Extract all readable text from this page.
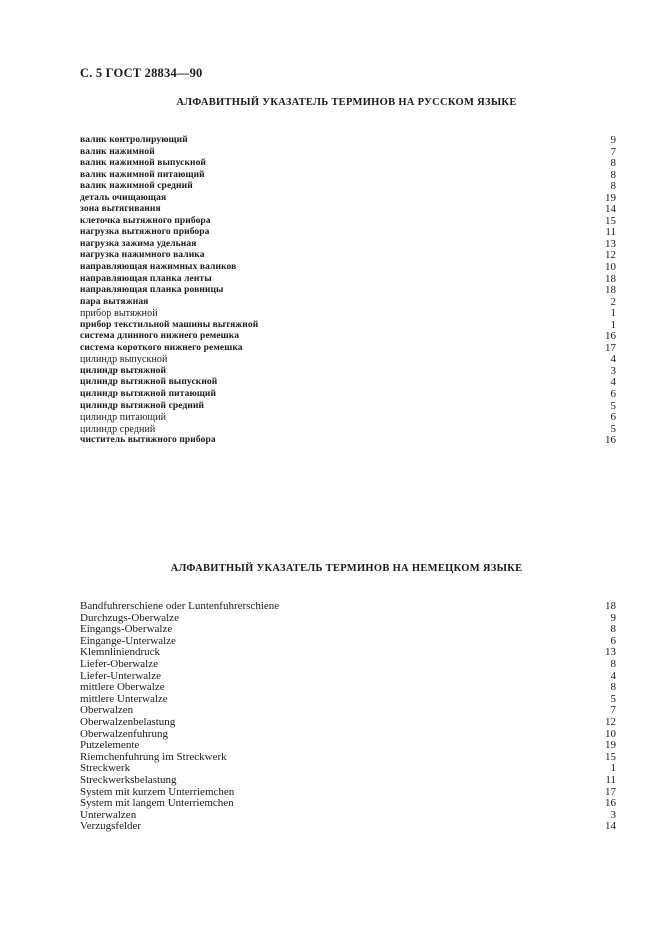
С. 5 ГОСТ 28834—90
АЛФАВИТНЫЙ УКАЗАТЕЛЬ ТЕРМИНОВ НА РУССКОМ ЯЗЫКЕ
валик контролирующий	9
валик нажимной	7
валик нажимной выпускной	8
валик нажимной питающий	8
валик нажимной средний	8
деталь очищающая	19
зона вытягивания	14
клеточка вытяжного прибора	15
нагрузка вытяжного прибора	11
нагрузка зажима удельная	13
нагрузка нажимного валика	12
направляющая нажимных валиков	10
направляющая планка ленты	18
направляющая планка ровницы	18
пара вытяжная	2
прибор вытяжной	1
прибор текстильной машины вытяжной	1
система длинного нижнего ремешка	16
система короткого нижнего ремешка	17
цилиндр выпускной	4
цилиндр вытяжной	3
цилиндр вытяжной выпускной	4
цилиндр вытяжной питающий	6
цилиндр вытяжной средний	5
цилиндр питающий	6
цилиндр средний	5
чиститель вытяжного прибора	16
АЛФАВИТНЫЙ УКАЗАТЕЛЬ ТЕРМИНОВ НА НЕМЕЦКОМ ЯЗЫКЕ
Bandfuhrerschiene oder Luntenfuhrerschiene	18
Durchzugs-Oberwalze	9
Eingangs-Oberwalze	8
Eingange-Unterwalze	6
Klemnliniendruck	13
Liefer-Oberwalze	8
Liefer-Unterwalze	4
mittlere Oberwalze	8
mittlere Unterwalze	5
Oberwalzen	7
Oberwalzenbelastung	12
Oberwalzenfuhrung	10
Putzelemente	19
Riemchenfuhrung im Streckwerk	15
Streckwerk	1
Streckwerksbelastung	11
System mit kurzem Unterriemchen	17
System mit langem Unterriemchen	16
Unterwalzen	3
Verzugsfelder	14
